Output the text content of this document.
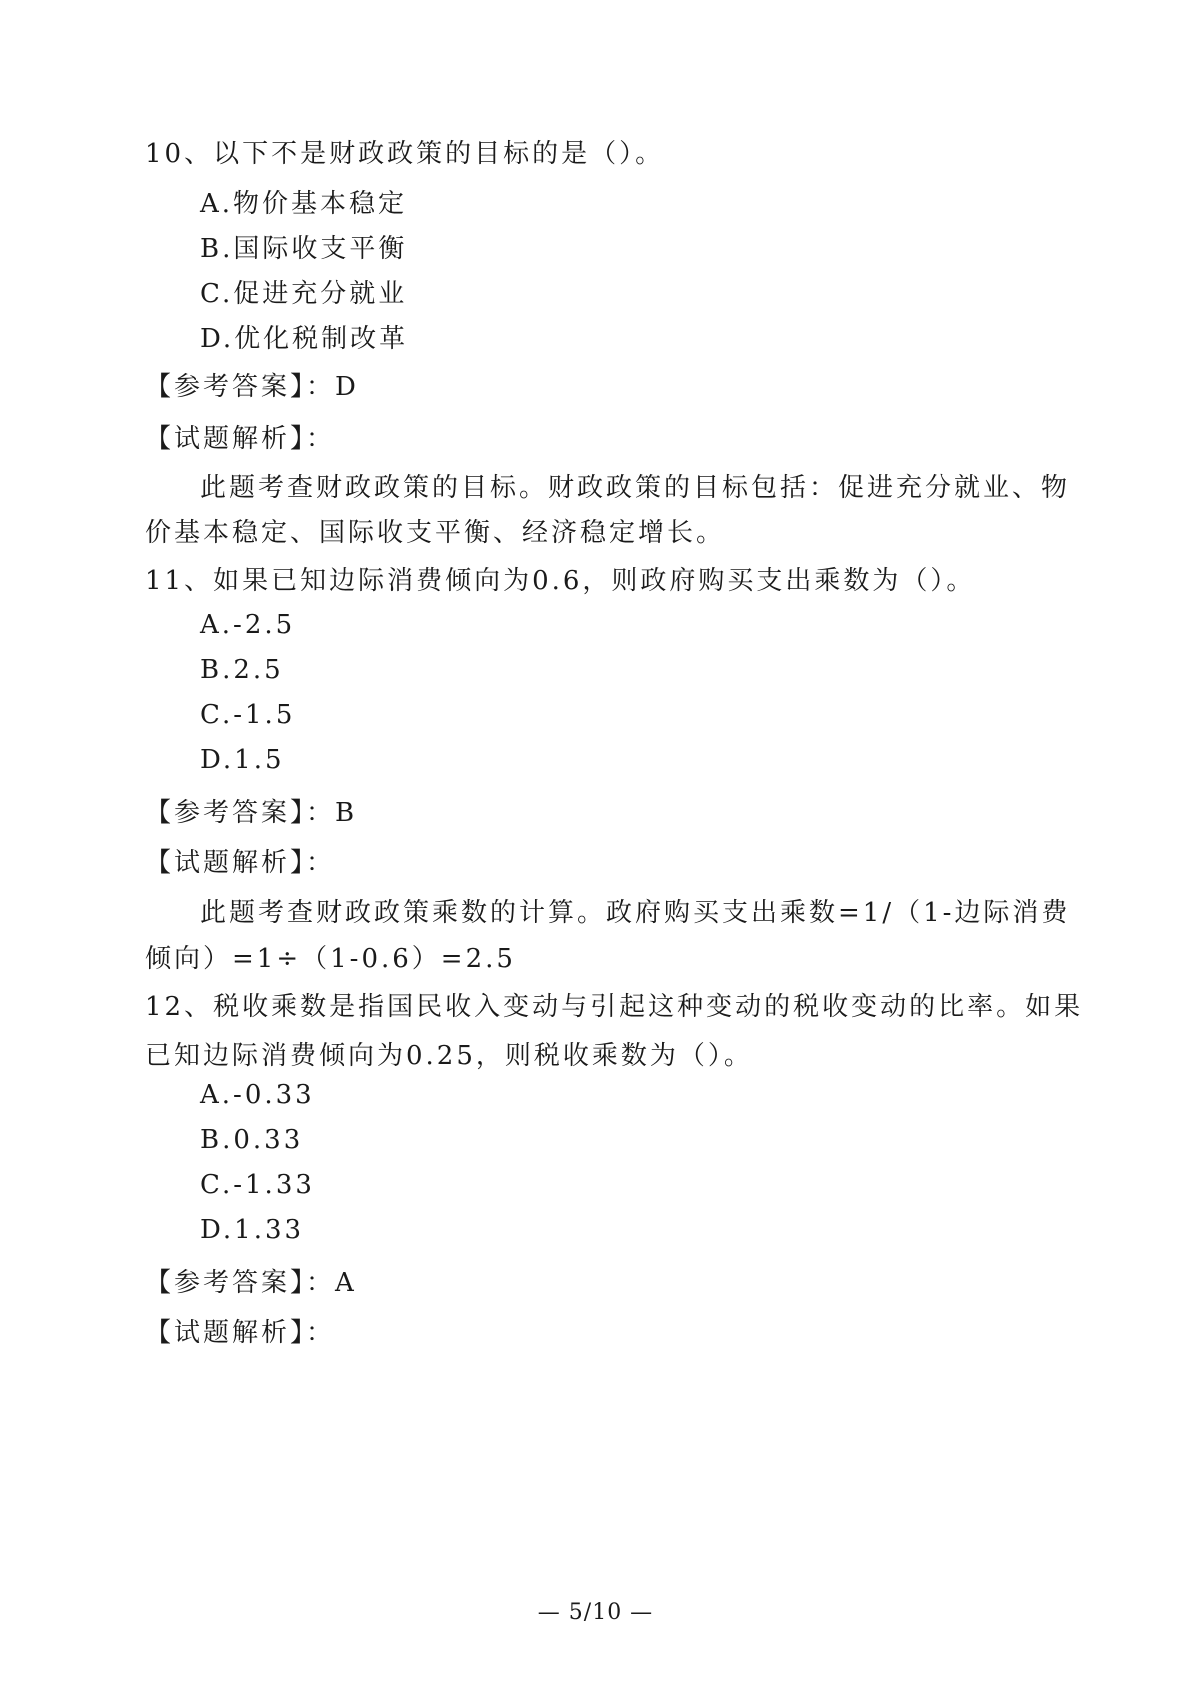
10、以下不是财政政策的目标的是（）。
A.物价基本稳定
B.国际收支平衡
C.促进充分就业
D.优化税制改革
【参考答案】：D
【试题解析】：
此题考查财政政策的目标。财政政策的目标包括：促进充分就业、物
价基本稳定、国际收支平衡、经济稳定增长。
11、如果已知边际消费倾向为0.6，则政府购买支出乘数为（）。
A.-2.5
B.2.5
C.-1.5
D.1.5
【参考答案】：B
【试题解析】：
此题考查财政政策乘数的计算。政府购买支出乘数=1/（1-边际消费
倾向）=1÷（1-0.6）=2.5
12、税收乘数是指国民收入变动与引起这种变动的税收变动的比率。如果
已知边际消费倾向为0.25，则税收乘数为（）。
A.-0.33
B.0.33
C.-1.33
D.1.33
【参考答案】：A
【试题解析】：
— 5/10 —
